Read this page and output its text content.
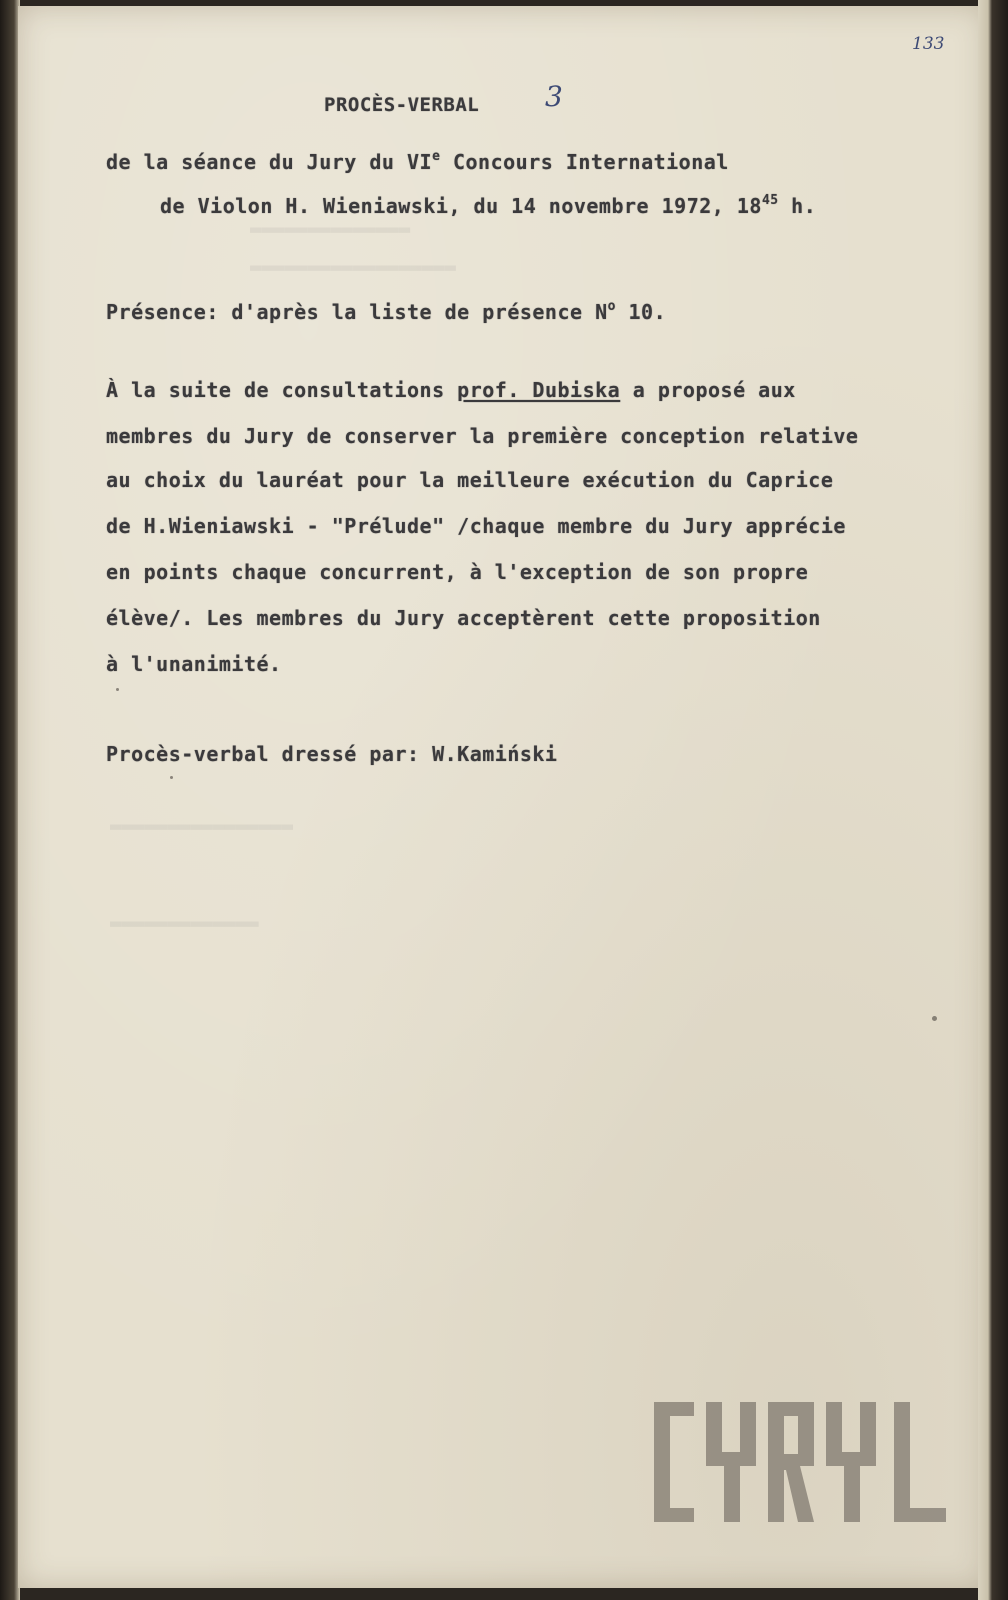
▬▬▬▬▬▬▬▬▬▬▬▬▬▬
▬▬▬▬▬▬▬▬▬▬▬▬▬▬▬▬▬▬
▬▬▬▬▬▬▬▬▬▬▬▬▬▬▬▬
▬▬▬▬▬▬▬▬▬▬▬▬▬
133
3
PROCÈS-VERBAL
de la séance du Jury du VIe Concours International
de Violon H. Wieniawski, du 14 novembre 1972, $18^{45}$ h.
Présence: d'après la liste de présence $N^o$ 10.
À la suite de consultations prof. Dubiska a proposé aux
membres du Jury de conserver la première conception relative
au choix du lauréat pour la meilleure exécution du Caprice
de H.Wieniawski - "Prélude" /chaque membre du Jury apprécie
en points chaque concurrent, à l'exception de son propre
élève/. Les membres du Jury acceptèrent cette proposition
à l'unanimité.
Procès-verbal dressé par: W.Kamiński
